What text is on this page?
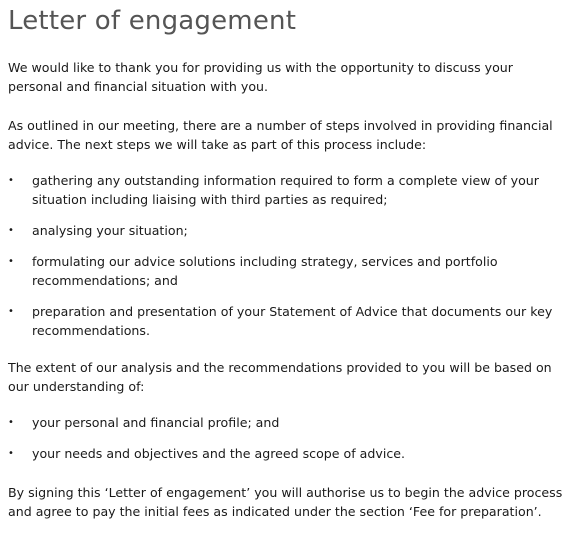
Letter of engagement

We would like to thank you for providing us with the opportunity to discuss your personal and financial situation with you.

As outlined in our meeting, there are a number of steps involved in providing financial advice. The next steps we will take as part of this process include:

• gathering any outstanding information required to form a complete view of your situation including liaising with third parties as required;
• analysing your situation;
• formulating our advice solutions including strategy, services and portfolio recommendations; and
• preparation and presentation of your Statement of Advice that documents our key recommendations.

The extent of our analysis and the recommendations provided to you will be based on our understanding of:

• your personal and financial profile; and
• your needs and objectives and the agreed scope of advice.

By signing this ‘Letter of engagement’ you will authorise us to begin the advice process and agree to pay the initial fees as indicated under the section ‘Fee for preparation’.
